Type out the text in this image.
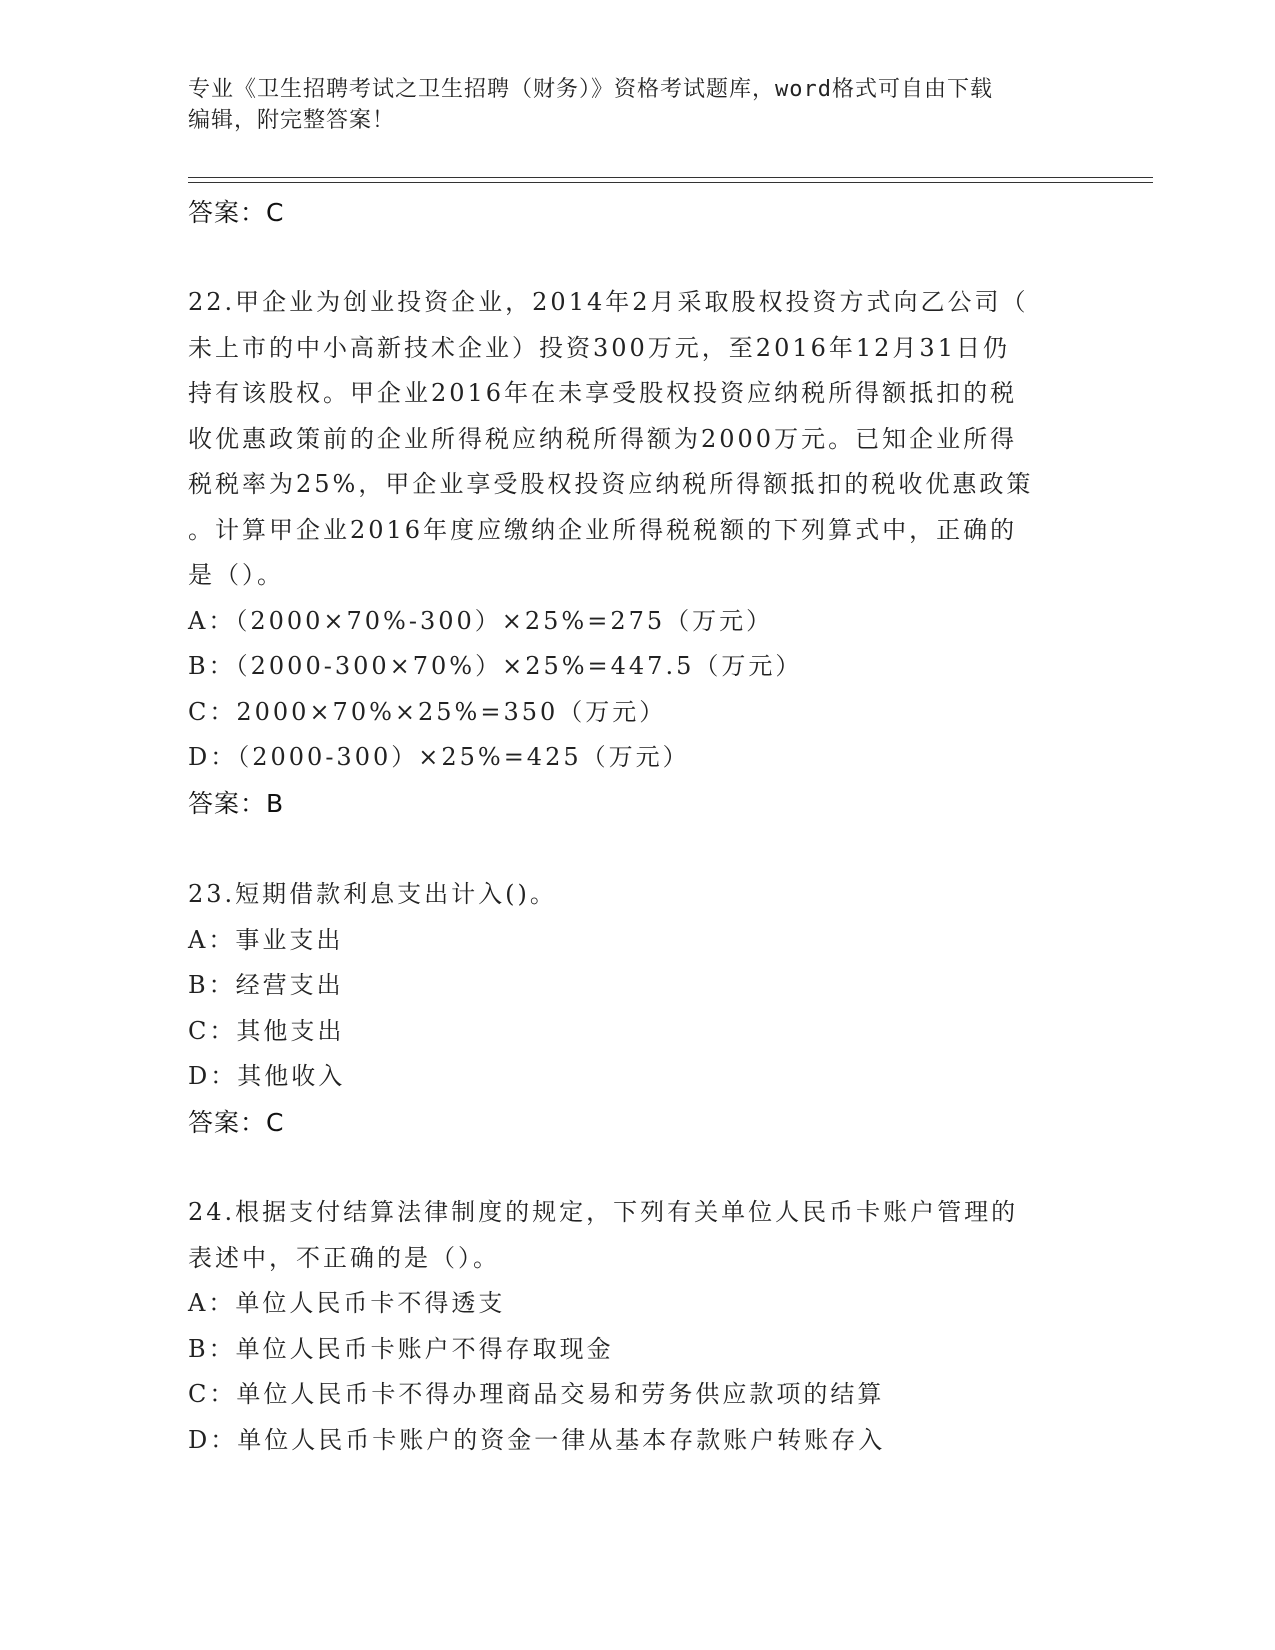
专业《卫生招聘考试之卫生招聘（财务）》资格考试题库，word格式可自由下载
编辑，附完整答案！
答案：C
22.甲企业为创业投资企业，2014年2月采取股权投资方式向乙公司（
未上市的中小高新技术企业）投资300万元，至2016年12月31日仍
持有该股权。甲企业2016年在未享受股权投资应纳税所得额抵扣的税
收优惠政策前的企业所得税应纳税所得额为2000万元。已知企业所得
税税率为25%，甲企业享受股权投资应纳税所得额抵扣的税收优惠政策
。计算甲企业2016年度应缴纳企业所得税税额的下列算式中，正确的
是（）。
A：（2000×70%-300）×25%=275（万元）
B：（2000-300×70%）×25%=447.5（万元）
C：2000×70%×25%=350（万元）
D：（2000-300）×25%=425（万元）
答案：B
23.短期借款利息支出计入()。
A：事业支出
B：经营支出
C：其他支出
D：其他收入
答案：C
24.根据支付结算法律制度的规定，下列有关单位人民币卡账户管理的
表述中，不正确的是（）。
A：单位人民币卡不得透支
B：单位人民币卡账户不得存取现金
C：单位人民币卡不得办理商品交易和劳务供应款项的结算
D：单位人民币卡账户的资金一律从基本存款账户转账存入
